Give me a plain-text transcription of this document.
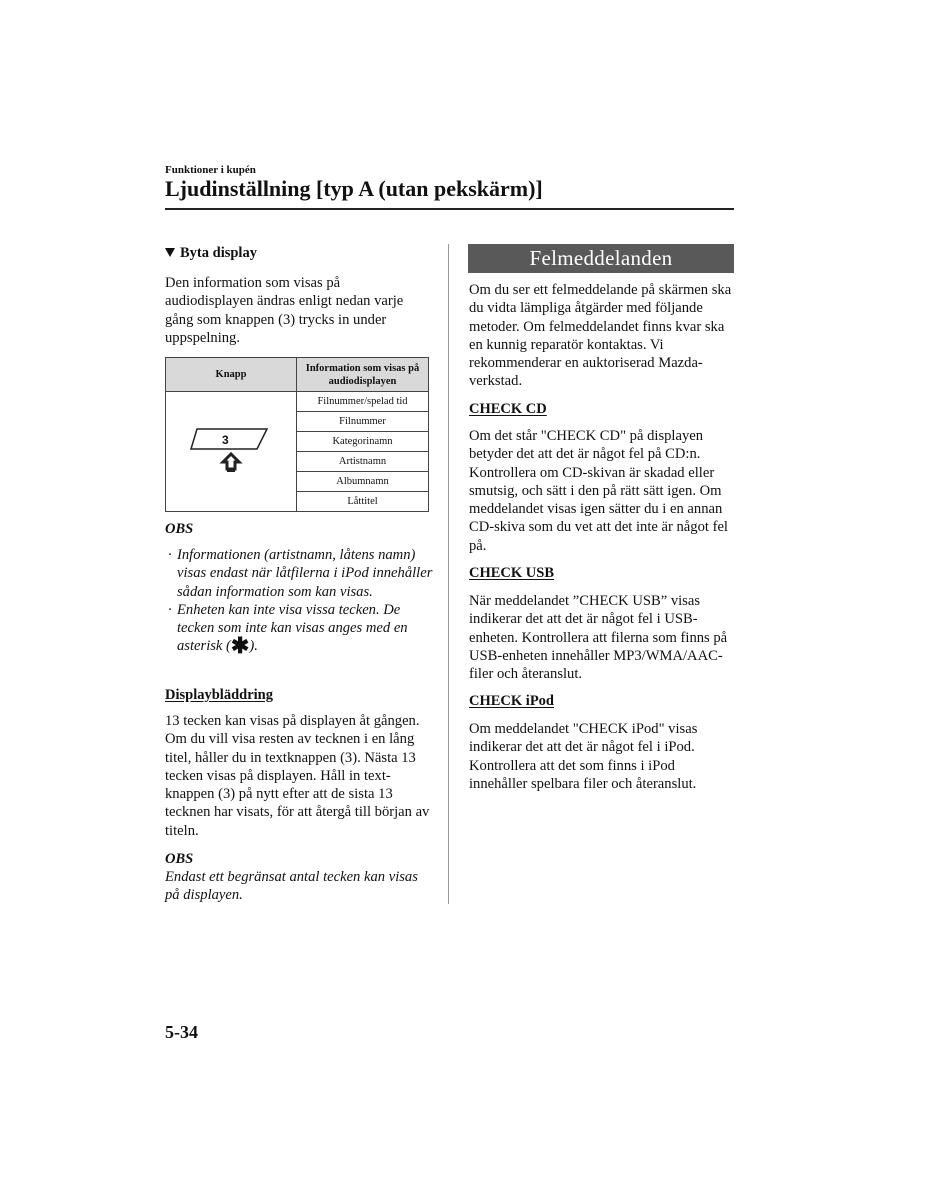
Funktioner i kupén
Ljudinställning [typ A (utan pekskärm)]
Byta display
Den information som visas på audiodisplayen ändras enligt nedan varje gång som knappen (3) trycks in under uppspelning.
Knapp	Information som visas på audiodisplayen

3	Filnummer/spelad tid
	Filnummer
	Kategorinamn
	Artistnamn
	Albumnamn
	Låttitel
OBS
· Informationen (artistnamn, låtens namn) visas endast när låtfilerna i iPod innehåller sådan information som kan visas.
· Enheten kan inte visa vissa tecken. De tecken som inte kan visas anges med en asterisk (✱).
Displaybläddring
13 tecken kan visas på displayen åt gången. Om du vill visa resten av tecknen i en lång titel, håller du in textknappen (3). Nästa 13 tecken visas på displayen. Håll in text-knappen (3) på nytt efter att de sista 13 tecknen har visats, för att återgå till början av titeln.
OBS
Endast ett begränsat antal tecken kan visas på displayen.
Felmeddelanden
Om du ser ett felmeddelande på skärmen ska du vidta lämpliga åtgärder med följande metoder. Om felmeddelandet finns kvar ska en kunnig reparatör kontaktas. Vi rekommenderar en auktoriserad Mazda-verkstad.
CHECK CD
Om det står "CHECK CD" på displayen betyder det att det är något fel på CD:n. Kontrollera om CD-skivan är skadad eller smutsig, och sätt i den på rätt sätt igen. Om meddelandet visas igen sätter du i en annan CD-skiva som du vet att det inte är något fel på.
CHECK USB
När meddelandet ”CHECK USB” visas indikerar det att det är något fel i USB-enheten. Kontrollera att filerna som finns på USB-enheten innehåller MP3/WMA/AAC-filer och återanslut.
CHECK iPod
Om meddelandet "CHECK iPod" visas indikerar det att det är något fel i iPod. Kontrollera att det som finns i iPod innehåller spelbara filer och återanslut.
5-34
